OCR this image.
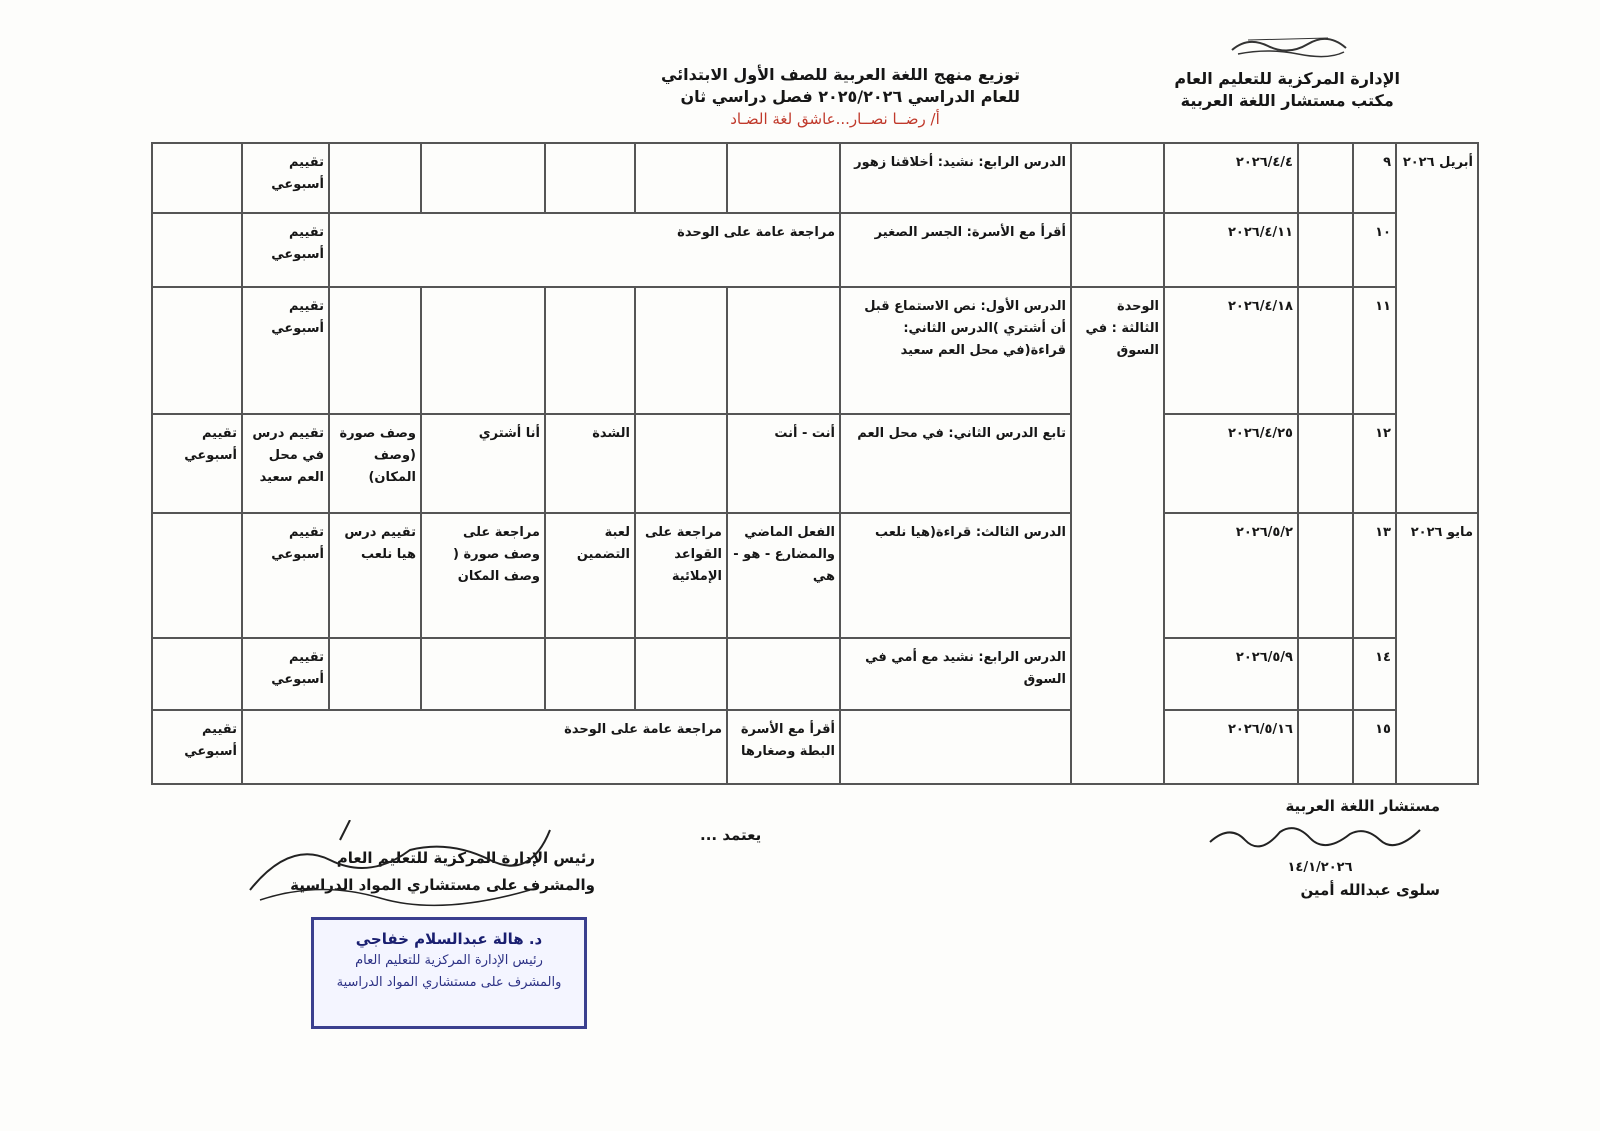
الإدارة المركزية للتعليم العام
مكتب مستشار اللغة العربية
توزيع منهج اللغة العربية للصف الأول الابتدائي
للعام الدراسي ٢٠٢٥/٢٠٢٦ فصل دراسي ثان
أ/ رضــا نصــار...عاشق لغة الضـاد
أبريل ٢٠٢٦	٩		٢٠٢٦/٤/٤		الدرس الرابع: نشيد: أخلاقنا زهور						تقييم أسبوعي		
	١٠		٢٠٢٦/٤/١١		أقرأ مع الأسرة: الجسر الصغير	مراجعة عامة على الوحدة					تقييم أسبوعي		
	١١		٢٠٢٦/٤/١٨	الوحدة الثالثة : في السوق	الدرس الأول: نص الاستماع قبل أن أشتري )الدرس الثاني: قراءة(في محل العم سعيد						تقييم أسبوعي		
	١٢		٢٠٢٦/٤/٢٥		تابع الدرس الثاني: في محل العم	أنت - أنت		الشدة	أنا أشتري	وصف صورة (وصف المكان)	تقييم درس في محل العم سعيد	تقييم أسبوعي	
مايو ٢٠٢٦	١٣		٢٠٢٦/٥/٢		الدرس الثالث: قراءة(هيا نلعب	الفعل الماضي والمضارع - هو - هي	مراجعة على القواعد الإملائية	لعبة التضمين	مراجعة على وصف صورة ( وصف المكان	تقييم درس هيا نلعب	تقييم أسبوعي		
	١٤		٢٠٢٦/٥/٩		الدرس الرابع: نشيد مع أمي في السوق						تقييم أسبوعي		
	١٥		٢٠٢٦/٥/١٦			أقرأ مع الأسرة البطة وصغارها	مراجعة عامة على الوحدة					تقييم أسبوعي	
مستشار اللغة العربية
١٤/١/٢٠٢٦
سلوى عبدالله أمين
يعتمد ...
رئيس الإدارة المركزية للتعليم العام
والمشرف على مستشاري المواد الدراسية
د. هالة عبدالسلام خفاجي
رئيس الإدارة المركزية للتعليم العام
والمشرف على مستشاري المواد الدراسية
